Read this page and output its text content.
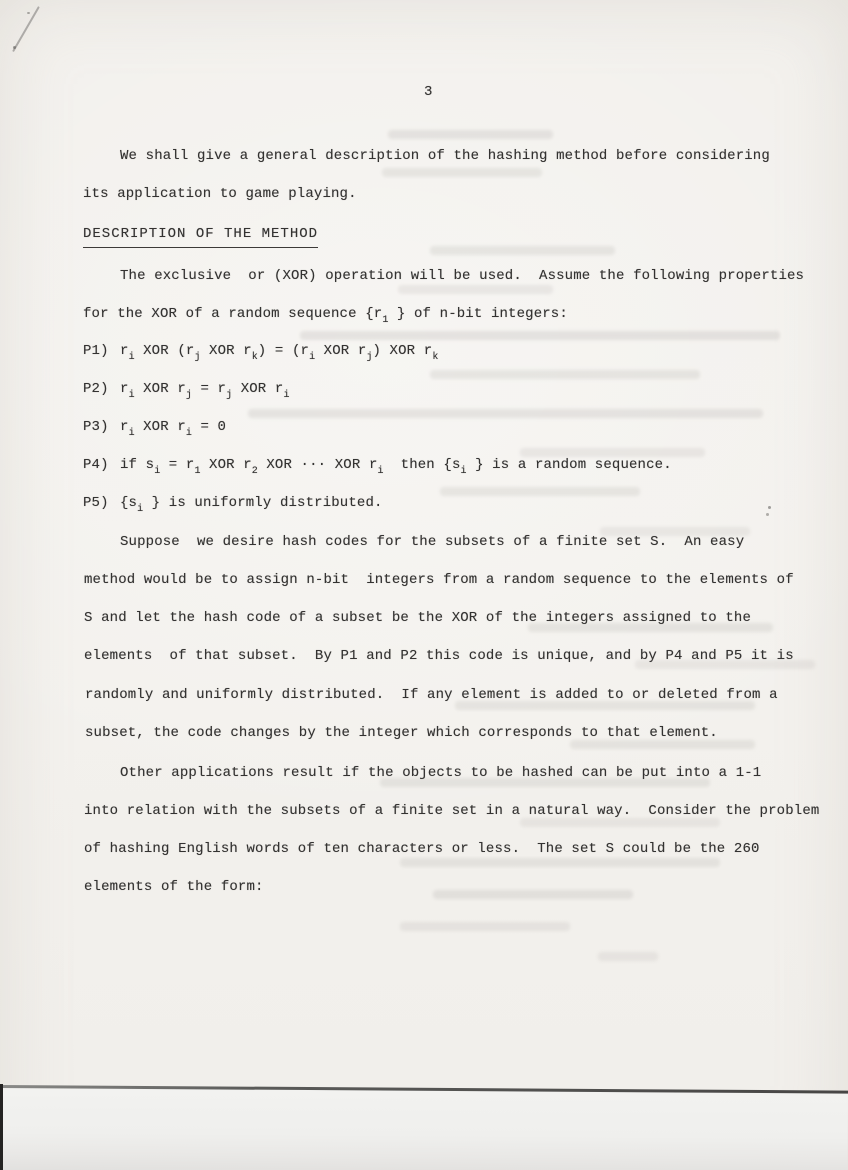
3
We shall give a general description of the hashing method before considering
its application to game playing.
DESCRIPTION OF THE METHOD
The exclusive  or (XOR) operation will be used.  Assume the following properties
for the XOR of a random sequence {$r_1$ } of n-bit integers:
P1) $r_i$ XOR ($r_j$ XOR $r_k) = (r_i$ XOR $r_j$) XOR $r_k$
P2) $r_i$ XOR $r_j = r_j$ XOR $r_i$
P3) $r_i$ XOR $r_i = 0$
P4) if $s_i = r_1$ XOR $r_2$ XOR ··· XOR $r_i$  then {$s_i$ } is a random sequence.
P5) {$s_i$ } is uniformly distributed.
Suppose  we desire hash codes for the subsets of a finite set S.  An easy
method would be to assign n-bit  integers from a random sequence to the elements of
S and let the hash code of a subset be the XOR of the integers assigned to the
elements  of that subset.  By P1 and P2 this code is unique, and by P4 and P5 it is
randomly and uniformly distributed.  If any element is added to or deleted from a
subset, the code changes by the integer which corresponds to that element.
Other applications result if the objects to be hashed can be put into a 1-1
into relation with the subsets of a finite set in a natural way.  Consider the problem
of hashing English words of ten characters or less.  The set S could be the 260
elements of the form:
